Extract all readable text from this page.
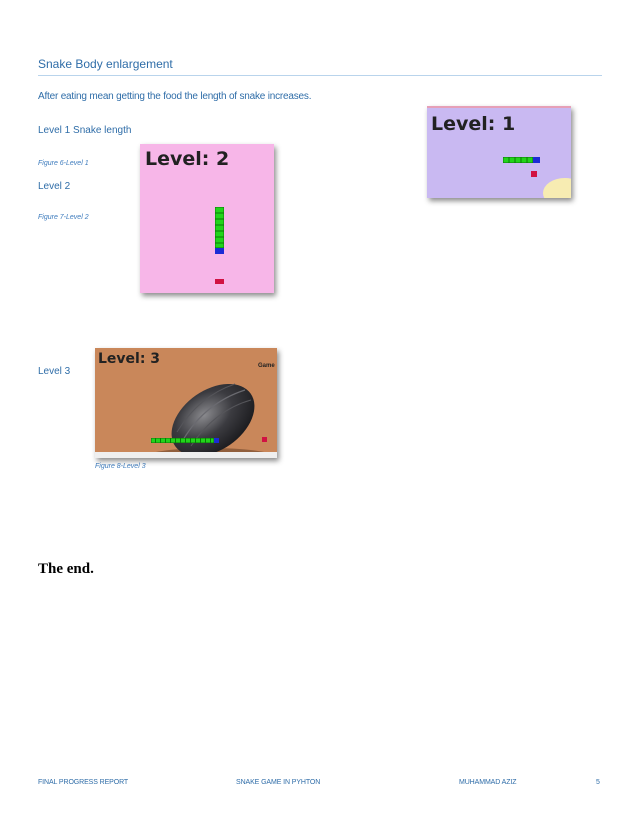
Snake Body enlargement
After eating mean getting the food the length of snake increases.
Level 1 Snake length
Figure 6-Level 1
Level 2
Figure 7-Level 2
Level 3
Figure 8-Level 3
Level: 1
Level: 2
Level: 3	Game
The end.
FINAL PROGRESS REPORT	SNAKE GAME IN PYHTON	MUHAMMAD AZIZ	5
